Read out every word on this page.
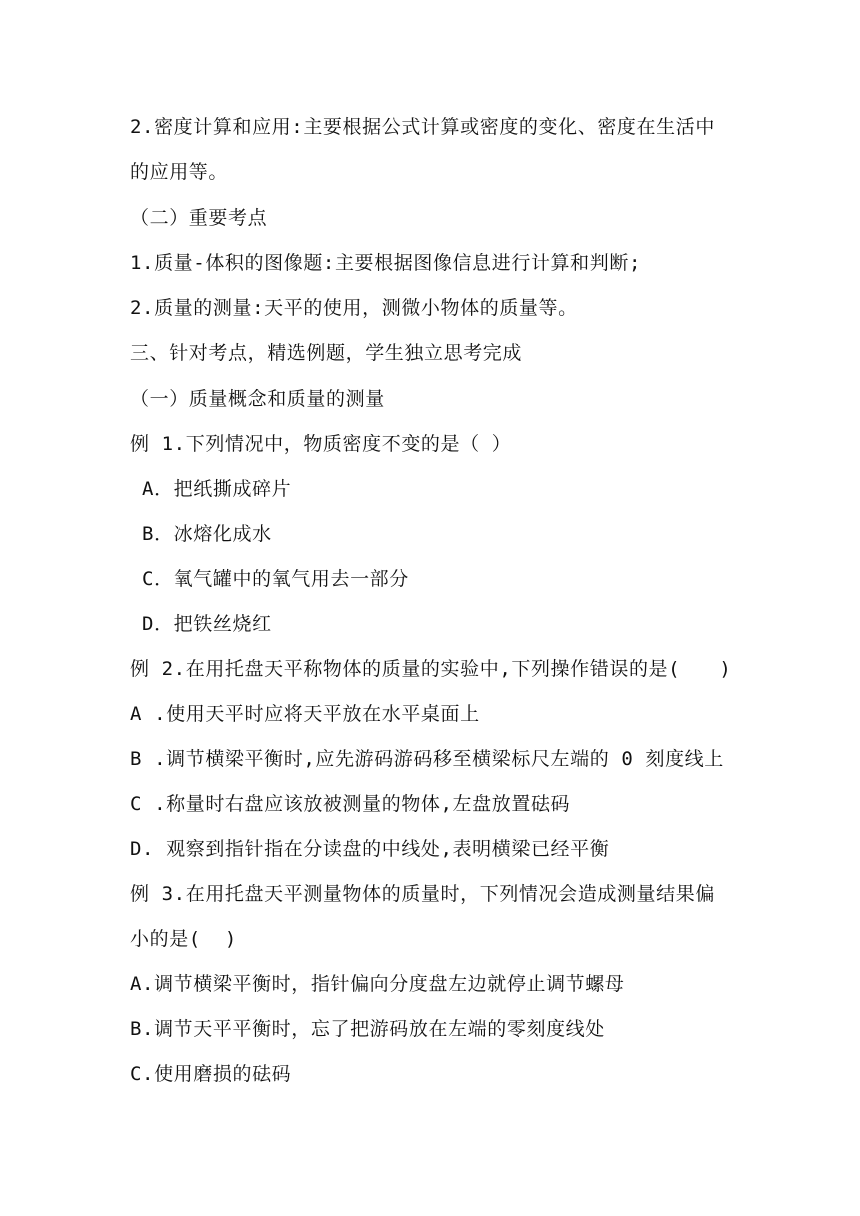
2.密度计算和应用:主要根据公式计算或密度的变化、密度在生活中
的应用等。
（二）重要考点
1.质量-体积的图像题:主要根据图像信息进行计算和判断;
2.质量的测量:天平的使用，测微小物体的质量等。
三、针对考点，精选例题，学生独立思考完成
（一）质量概念和质量的测量
例 1.下列情况中，物质密度不变的是（ ）
A．把纸撕成碎片
B．冰熔化成水
C．氧气罐中的氧气用去一部分
D．把铁丝烧红
例 2.在用托盘天平称物体的质量的实验中,下列操作错误的是(　　)
A .使用天平时应将天平放在水平桌面上
B .调节横梁平衡时,应先游码游码移至横梁标尺左端的 0 刻度线上
C .称量时右盘应该放被测量的物体,左盘放置砝码
D. 观察到指针指在分读盘的中线处,表明横梁已经平衡
例 3.在用托盘天平测量物体的质量时，下列情况会造成测量结果偏
小的是(  )
A.调节横梁平衡时，指针偏向分度盘左边就停止调节螺母
B.调节天平平衡时，忘了把游码放在左端的零刻度线处
C.使用磨损的砝码
